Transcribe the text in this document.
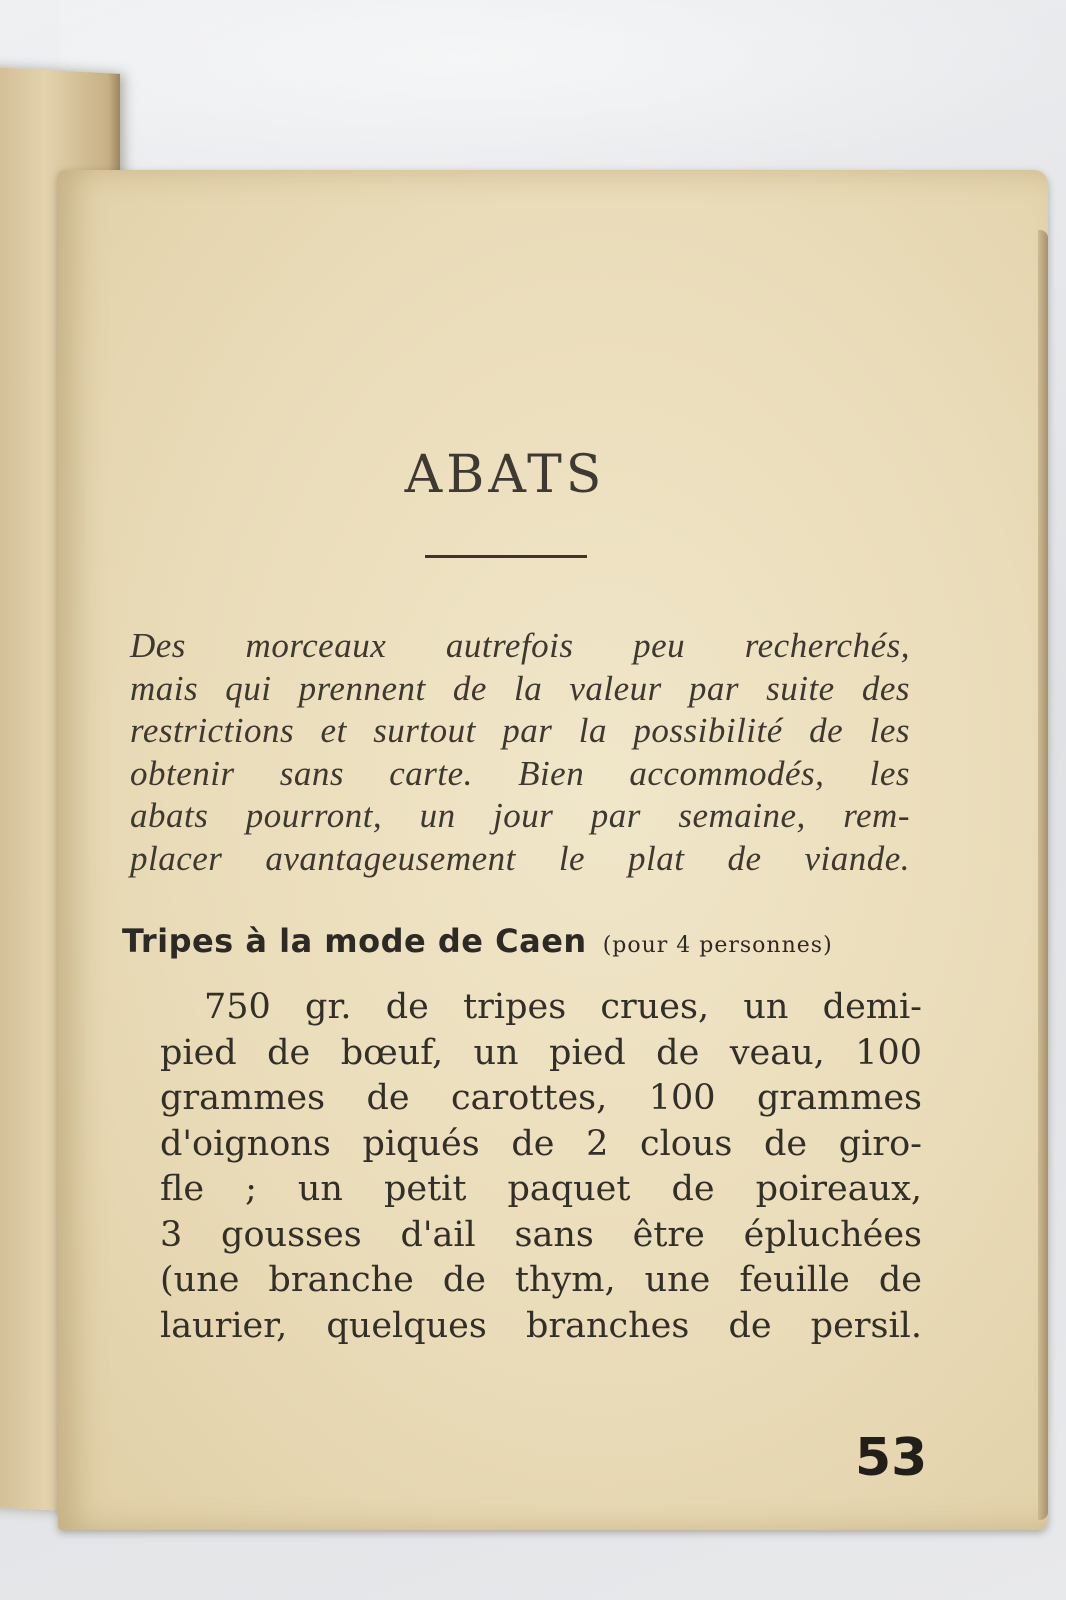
ABATS
Des morceaux autrefois peu recherchés,
mais qui prennent de la valeur par suite des
restrictions et surtout par la possibilité de les
obtenir sans carte. Bien accommodés, les
abats pourront, un jour par semaine, rem-
placer avantageusement le plat de viande.
Tripes à la mode de Caen (pour 4 personnes)
750 gr. de tripes crues, un demi-
pied de bœuf, un pied de veau, 100
grammes de carottes, 100 grammes
d'oignons piqués de 2 clous de giro-
fle ; un petit paquet de poireaux,
3 gousses d'ail sans être épluchées
(une branche de thym, une feuille de
laurier, quelques branches de persil.
53
